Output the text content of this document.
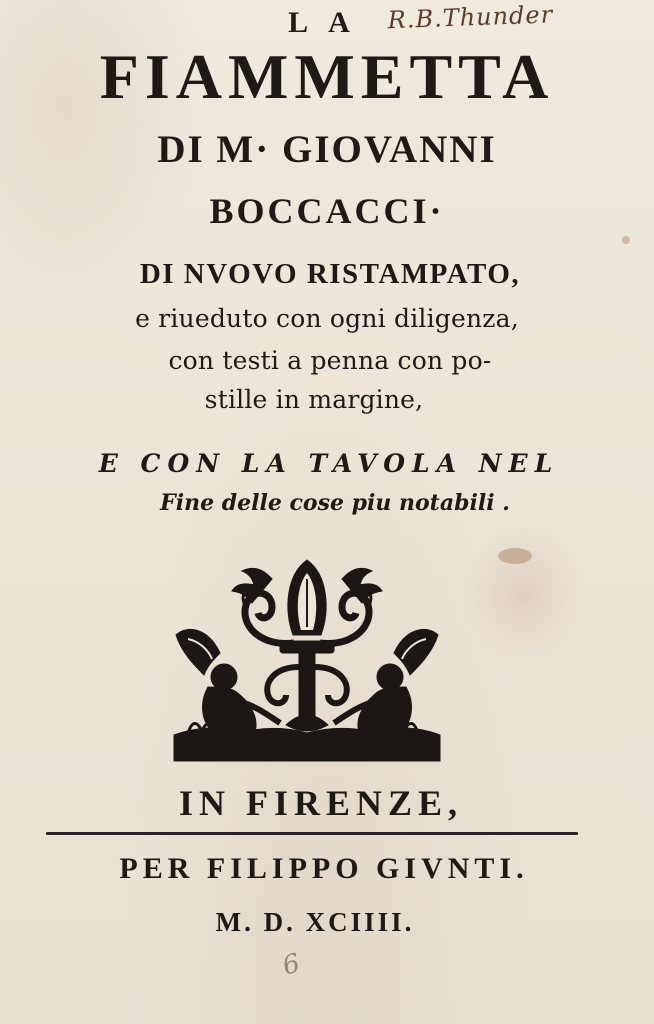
R.B.Thunder
LA
FIAMMETTA
DI M· GIOVANNI
BOCCACCI·
DI NVOVO RISTAMPATO,
e riueduto con ogni diligenza,
con testi a penna con po-
stille in margine,
E CON LA TAVOLA NEL
Fine delle cose piu notabili .
IN FIRENZE,
PER FILIPPO GIVNTI.
M. D. XCIIII.
6
